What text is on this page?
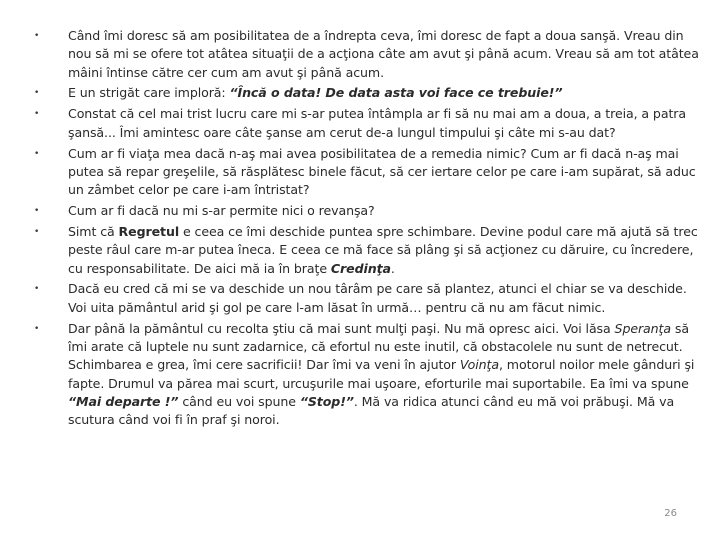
• Când îmi doresc să am posibilitatea de a îndrepta ceva, îmi doresc de fapt a doua sanşă. Vreau din nou să mi se ofere tot atâtea situaţii de a acţiona câte am avut şi până acum. Vreau să am tot atâtea mâini întinse către cer cum am avut şi până acum.
• E un strigăt care imploră: “Încă o data! De data asta voi face ce trebuie!”
• Constat că cel mai trist lucru care mi s-ar putea întâmpla ar fi să nu mai am a doua, a treia, a patra şansă... Îmi amintesc oare câte şanse am cerut de-a lungul timpului şi câte mi s-au dat?
• Cum ar fi viaţa mea dacă n-aş mai avea posibilitatea de a remedia nimic? Cum ar fi dacă n-aş mai putea să repar greşelile, să răsplătesc binele făcut, să cer iertare celor pe care i-am supărat, să aduc un zâmbet celor pe care i-am întristat?
• Cum ar fi dacă nu mi s-ar permite nici o revanşa?
• Simt că Regretul e ceea ce îmi deschide puntea spre schimbare. Devine podul care mă ajută să trec peste râul care m-ar putea îneca. E ceea ce mă face să plâng şi să acţionez cu dăruire, cu încredere, cu responsabilitate. De aici mă ia în braţe Credinţa.
• Dacă eu cred că mi se va deschide un nou târâm pe care să plantez, atunci el chiar se va deschide. Voi uita pământul arid şi gol pe care l-am lăsat în urmă… pentru că nu am făcut nimic.
• Dar până la pământul cu recolta ştiu că mai sunt mulţi paşi. Nu mă opresc aici. Voi lăsa Speranţa să îmi arate că luptele nu sunt zadarnice, că efortul nu este inutil, că obstacolele nu sunt de netrecut. Schimbarea e grea, îmi cere sacrificii! Dar îmi va veni în ajutor Voinţa, motorul noilor mele gânduri şi fapte. Drumul va părea mai scurt, urcuşurile mai uşoare, eforturile mai suportabile. Ea îmi va spune “Mai departe !” când eu voi spune “Stop!”. Mă va ridica atunci când eu mă voi prăbuşi. Mă va scutura când voi fi în praf şi noroi.
26
